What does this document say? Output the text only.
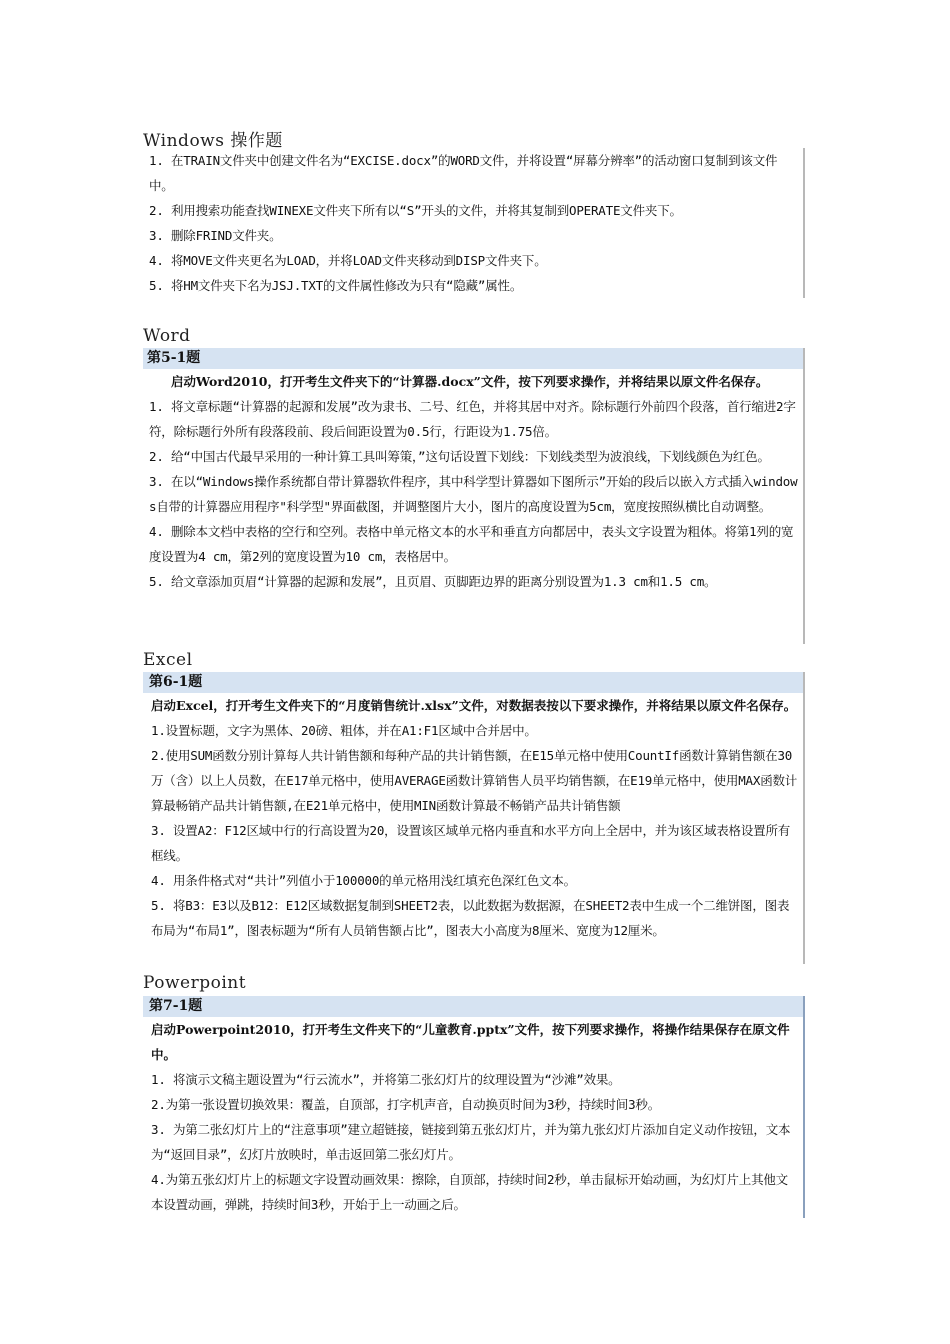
Windows 操作题
1. 在TRAIN文件夹中创建文件名为“EXCISE.docx”的WORD文件，并将设置“屏幕分辨率”的活动窗口复制到该文件中。
2. 利用搜索功能查找WINEXE文件夹下所有以“S”开头的文件，并将其复制到OPERATE文件夹下。
3. 删除FRIND文件夹。
4. 将MOVE文件夹更名为LOAD，并将LOAD文件夹移动到DISP文件夹下。
5. 将HM文件夹下名为JSJ.TXT的文件属性修改为只有“隐藏”属性。
Word
第5-1题
启动Word2010，打开考生文件夹下的“计算器.docx”文件，按下列要求操作，并将结果以原文件名保存。
1. 将文章标题“计算器的起源和发展”改为隶书、二号、红色，并将其居中对齐。除标题行外前四个段落，首行缩进2字符，除标题行外所有段落段前、段后间距设置为0.5行，行距设为1.75倍。
2. 给“中国古代最早采用的一种计算工具叫筹策，”这句话设置下划线：下划线类型为波浪线，下划线颜色为红色。
3. 在以“Windows操作系统都自带计算器软件程序，其中科学型计算器如下图所示”开始的段后以嵌入方式插入windows自带的计算器应用程序"科学型"界面截图，并调整图片大小，图片的高度设置为5cm，宽度按照纵横比自动调整。
4. 删除本文档中表格的空行和空列。表格中单元格文本的水平和垂直方向都居中，表头文字设置为粗体。将第1列的宽度设置为4 cm，第2列的宽度设置为10 cm，表格居中。
5. 给文章添加页眉“计算器的起源和发展”，且页眉、页脚距边界的距离分别设置为1.3 cm和1.5 cm。
Excel
第6-1题
启动Excel，打开考生文件夹下的“月度销售统计.xlsx”文件，对数据表按以下要求操作，并将结果以原文件名保存。
1.设置标题，文字为黑体、20磅、粗体，并在A1:F1区域中合并居中。
2.使用SUM函数分别计算每人共计销售额和每种产品的共计销售额，在E15单元格中使用CountIf函数计算销售额在30万（含）以上人员数，在E17单元格中，使用AVERAGE函数计算销售人员平均销售额，在E19单元格中，使用MAX函数计算最畅销产品共计销售额,在E21单元格中，使用MIN函数计算最不畅销产品共计销售额
3. 设置A2：F12区域中行的行高设置为20，设置该区域单元格内垂直和水平方向上全居中，并为该区域表格设置所有框线。
4. 用条件格式对“共计”列值小于100000的单元格用浅红填充色深红色文本。
5. 将B3：E3以及B12：E12区域数据复制到SHEET2表，以此数据为数据源，在SHEET2表中生成一个二维饼图，图表布局为“布局1”，图表标题为“所有人员销售额占比”，图表大小高度为8厘米、宽度为12厘米。
Powerpoint
第7-1题
启动Powerpoint2010，打开考生文件夹下的“儿童教育.pptx”文件，按下列要求操作，将操作结果保存在原文件中。
1. 将演示文稿主题设置为“行云流水”，并将第二张幻灯片的纹理设置为“沙滩”效果。
2.为第一张设置切换效果：覆盖，自顶部，打字机声音，自动换页时间为3秒，持续时间3秒。
3. 为第二张幻灯片上的“注意事项”建立超链接，链接到第五张幻灯片，并为第九张幻灯片添加自定义动作按钮，文本为“返回目录”，幻灯片放映时，单击返回第二张幻灯片。
4.为第五张幻灯片上的标题文字设置动画效果：擦除，自顶部，持续时间2秒，单击鼠标开始动画，为幻灯片上其他文本设置动画，弹跳，持续时间3秒，开始于上一动画之后。
